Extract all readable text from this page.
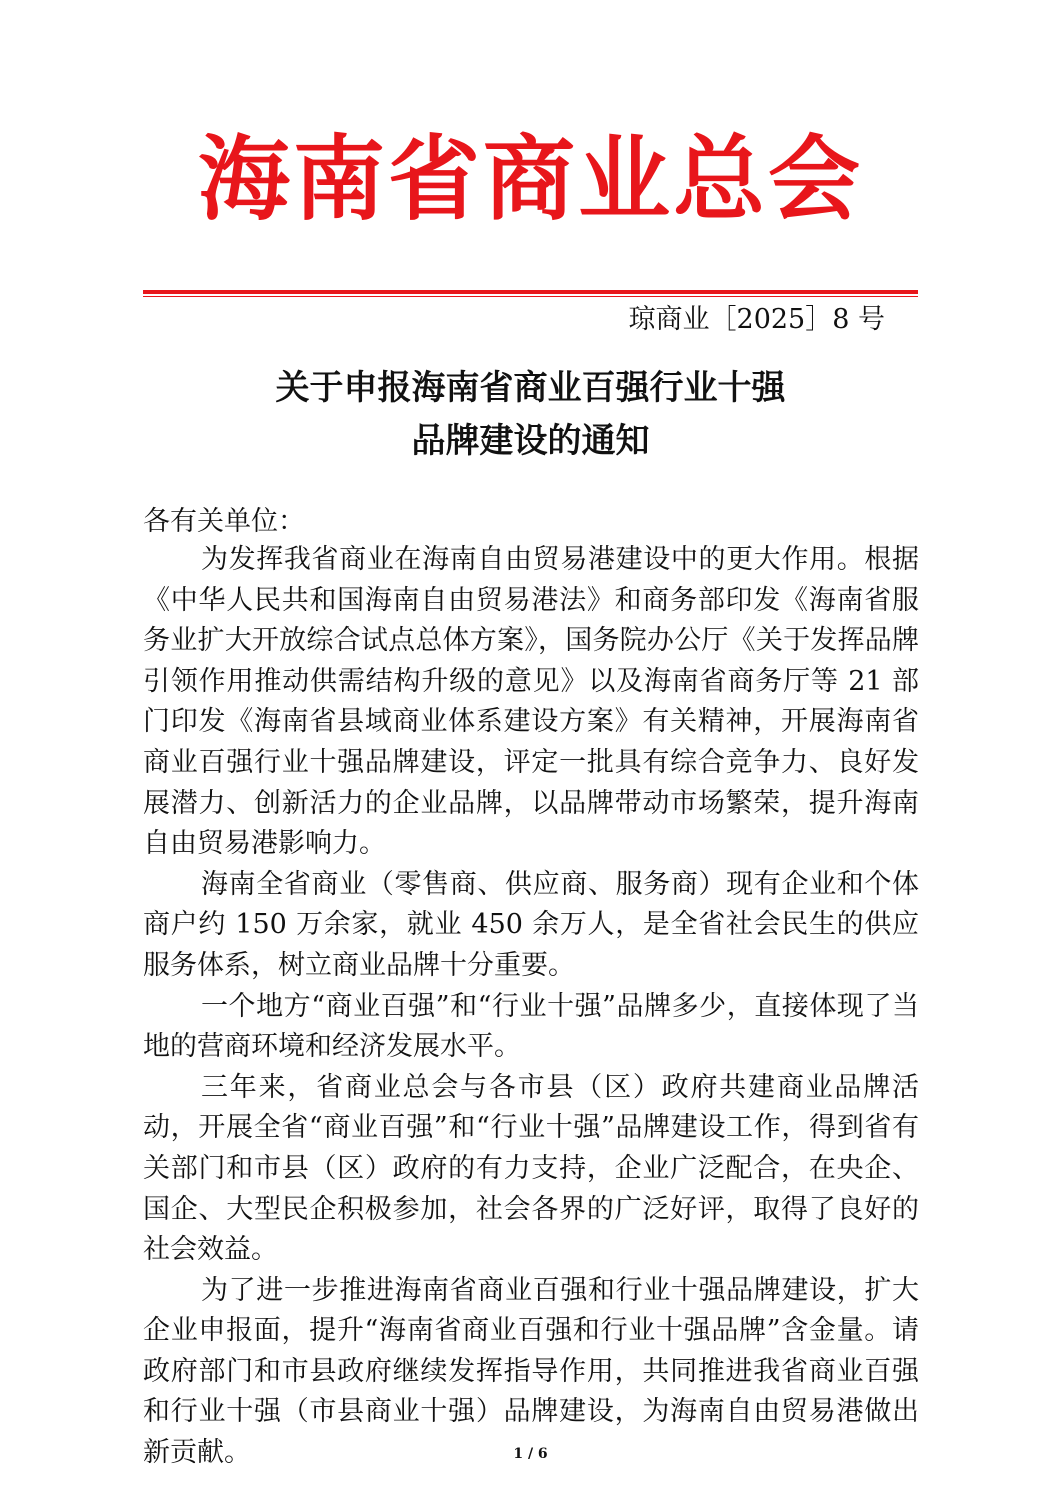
海南省商业总会
琼商业［2025］8 号
关于申报海南省商业百强行业十强
品牌建设的通知
各有关单位：

为发挥我省商业在海南自由贸易港建设中的更大作用。根据《中华人民共和国海南自由贸易港法》和商务部印发《海南省服务业扩大开放综合试点总体方案》，国务院办公厅《关于发挥品牌引领作用推动供需结构升级的意见》以及海南省商务厅等 21 部门印发《海南省县域商业体系建设方案》有关精神，开展海南省商业百强行业十强品牌建设，评定一批具有综合竞争力、良好发展潜力、创新活力的企业品牌，以品牌带动市场繁荣，提升海南自由贸易港影响力。

海南全省商业（零售商、供应商、服务商）现有企业和个体商户约 150 万余家，就业 450 余万人，是全省社会民生的供应服务体系，树立商业品牌十分重要。

一个地方“商业百强”和“行业十强”品牌多少，直接体现了当地的营商环境和经济发展水平。

三年来，省商业总会与各市县（区）政府共建商业品牌活动，开展全省“商业百强”和“行业十强”品牌建设工作，得到省有关部门和市县（区）政府的有力支持，企业广泛配合，在央企、国企、大型民企积极参加，社会各界的广泛好评，取得了良好的社会效益。

为了进一步推进海南省商业百强和行业十强品牌建设，扩大企业申报面，提升“海南省商业百强和行业十强品牌”含金量。请政府部门和市县政府继续发挥指导作用，共同推进我省商业百强和行业十强（市县商业十强）品牌建设，为海南自由贸易港做出新贡献。	1 / 6
